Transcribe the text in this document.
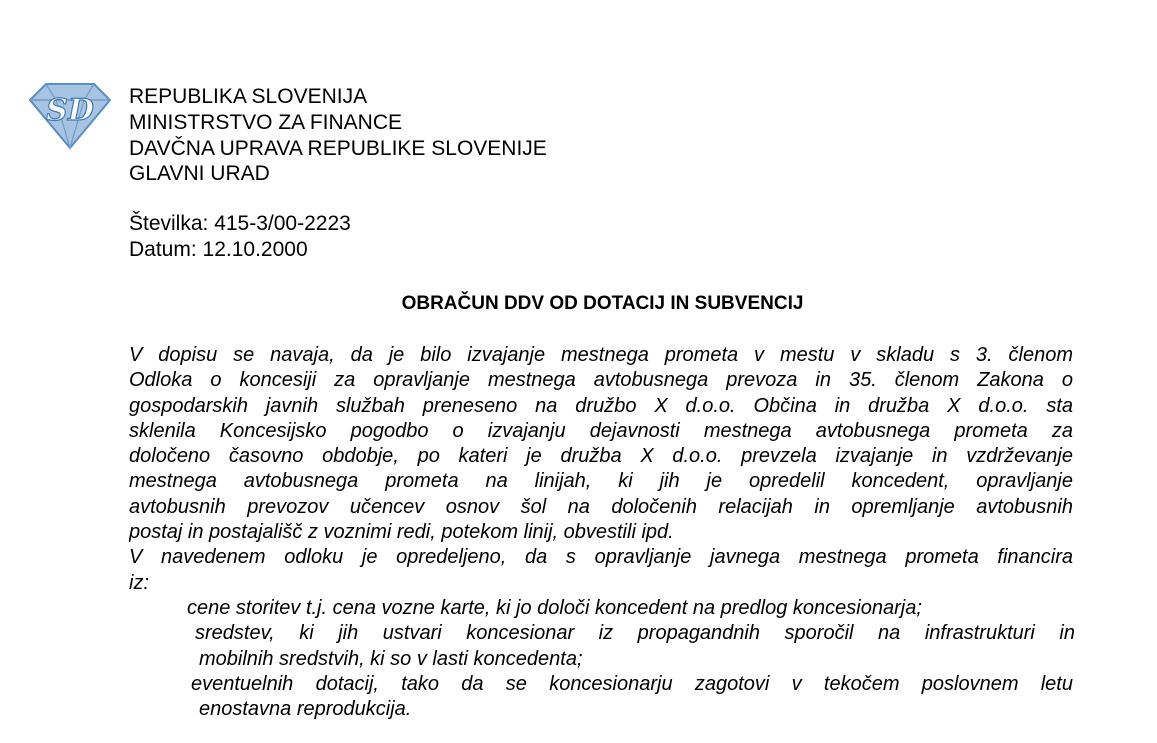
SD REPUBLIKA SLOVENIJA
MINISTRSTVO ZA FINANCE
DAVČNA UPRAVA REPUBLIKE SLOVENIJE
GLAVNI URAD
Številka: 415-3/00-2223
Datum: 12.10.2000
OBRAČUN DDV OD DOTACIJ IN SUBVENCIJ
V dopisu se navaja, da je bilo izvajanje mestnega prometa v mestu v skladu s 3. členom
Odloka o koncesiji za opravljanje mestnega avtobusnega prevoza in 35. členom Zakona o
gospodarskih javnih službah preneseno na družbo X d.o.o. Občina in družba X d.o.o. sta
sklenila Koncesijsko pogodbo o izvajanju dejavnosti mestnega avtobusnega prometa za
določeno časovno obdobje, po kateri je družba X d.o.o. prevzela izvajanje in vzdrževanje
mestnega avtobusnega prometa na linijah, ki jih je opredelil koncedent, opravljanje
avtobusnih prevozov učencev osnov šol na določenih relacijah in opremljanje avtobusnih
postaj in postajališč z voznimi redi, potekom linij, obvestili ipd.
V navedenem odloku je opredeljeno, da s opravljanje javnega mestnega prometa financira
iz:
cene storitev t.j. cena vozne karte, ki jo določi koncedent na predlog koncesionarja;
sredstev, ki jih ustvari koncesionar iz propagandnih sporočil na infrastrukturi in
mobilnih sredstvih, ki so v lasti koncedenta;
eventuelnih dotacij, tako da se koncesionarju zagotovi v tekočem poslovnem letu
enostavna reprodukcija.
